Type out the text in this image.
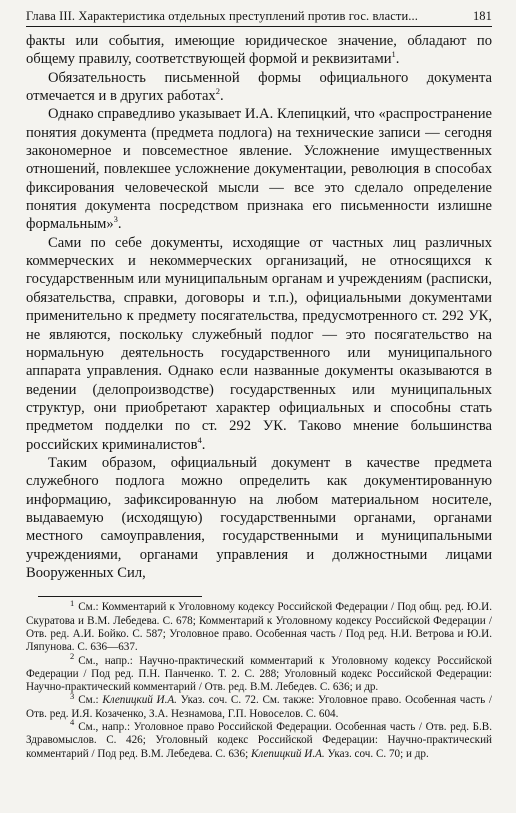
Глава III. Характеристика отдельных преступлений против гос. власти...	181

факты или события, имеющие юридическое значение, обладают по общему правилу, соответствующей формой и реквизитами$^1$.

Обязательность письменной формы официального документа отмечается и в других работах$^2$.

Однако справедливо указывает И.А. Клепицкий, что «распространение понятия документа (предмета подлога) на технические записи — сегодня закономерное и повсеместное явление. Усложнение имущественных отношений, повлекшее усложнение документации, революция в способах фиксирования человеческой мысли — все это сделало определение понятия документа посредством признака его письменности излишне формальным»$^3$.

Сами по себе документы, исходящие от частных лиц различных коммерческих и некоммерческих организаций, не относящихся к государственным или муниципальным органам и учреждениям (расписки, обязательства, справки, договоры и т.п.), официальными документами применительно к предмету посягательства, предусмотренного ст. 292 УК, не являются, поскольку служебный подлог — это посягательство на нормальную деятельность государственного или муниципального аппарата управления. Однако если названные документы оказываются в ведении (делопроизводстве) государственных или муниципальных структур, они приобретают характер официальных и способны стать предметом подделки по ст. 292 УК. Таково мнение большинства российских криминалистов$^4$.

Таким образом, официальный документ в качестве предмета служебного подлога можно определить как документированную информацию, зафиксированную на любом материальном носителе, выдаваемую (исходящую) государственными органами, органами местного самоуправления, государственными и муниципальными учреждениями, органами управления и должностными лицами Вооруженных Сил,

$^1$ См.: Комментарий к Уголовному кодексу Российской Федерации / Под общ. ред. Ю.И. Скуратова и В.М. Лебедева. С. 678; Комментарий к Уголовному кодексу Российской Федерации / Отв. ред. А.И. Бойко. С. 587; Уголовное право. Особенная часть / Под ред. Н.И. Ветрова и Ю.И. Ляпунова. С. 636—637.

$^2$ См., напр.: Научно-практический комментарий к Уголовному кодексу Российской Федерации / Под ред. П.Н. Панченко. Т. 2. С. 288; Уголовный кодекс Российской Федерации: Научно-практический комментарий / Отв. ред. В.М. Лебедев. С. 636; и др.

$^3$ См.: Клепицкий И.А. Указ. соч. С. 72. См. также: Уголовное право. Особенная часть / Отв. ред. И.Я. Козаченко, З.А. Незнамова, Г.П. Новоселов. С. 604.

$^4$ См., напр.: Уголовное право Российской Федерации. Особенная часть / Отв. ред. Б.В. Здравомыслов. С. 426; Уголовный кодекс Российской Федерации: Научно-практический комментарий / Под ред. В.М. Лебедева. С. 636; Клепицкий И.А. Указ. соч. С. 70; и др.
